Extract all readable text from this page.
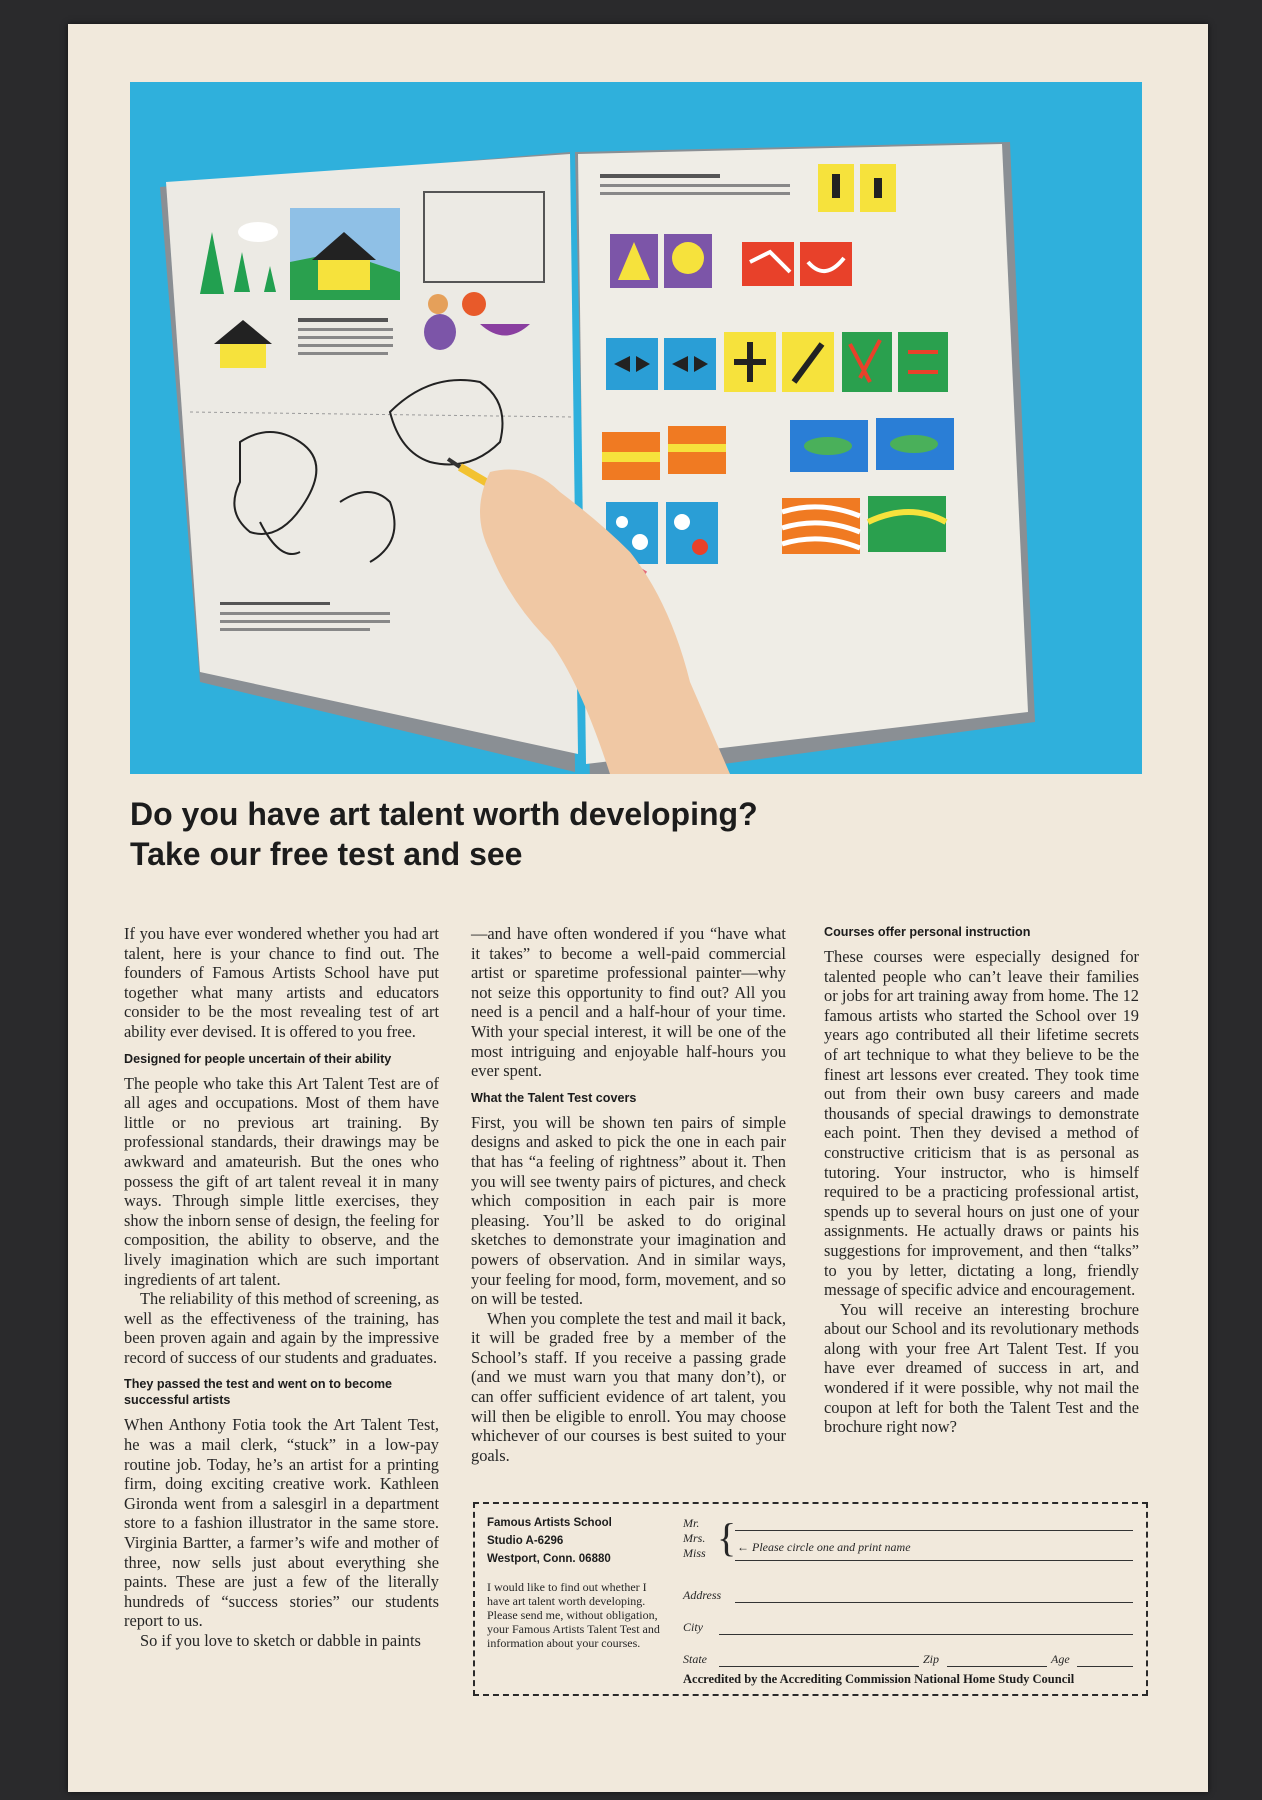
Do you have art talent worth developing?
Take our free test and see

If you have ever wondered whether you had art talent, here is your chance to find out. The founders of Famous Artists School have put together what many artists and educators consider to be the most revealing test of art ability ever devised. It is offered to you free.

Designed for people uncertain of their ability

The people who take this Art Talent Test are of all ages and occupations. Most of them have little or no previous art training. By professional standards, their drawings may be awkward and amateurish. But the ones who possess the gift of art talent reveal it in many ways. Through simple little exercises, they show the inborn sense of design, the feeling for composition, the ability to observe, and the lively imagination which are such important ingredients of art talent.

The reliability of this method of screening, as well as the effectiveness of the training, has been proven again and again by the impressive record of success of our students and graduates.

They passed the test and went on to become successful artists

When Anthony Fotia took the Art Talent Test, he was a mail clerk, “stuck” in a low-pay routine job. Today, he’s an artist for a printing firm, doing exciting creative work. Kathleen Gironda went from a salesgirl in a department store to a fashion illustrator in the same store. Virginia Bartter, a farmer’s wife and mother of three, now sells just about everything she paints. These are just a few of the literally hundreds of “success stories” our students report to us.

So if you love to sketch or dabble in paints

—and have often wondered if you “have what it takes” to become a well-paid commercial artist or sparetime professional painter—why not seize this opportunity to find out? All you need is a pencil and a half-hour of your time. With your special interest, it will be one of the most intriguing and enjoyable half-hours you ever spent.

What the Talent Test covers

First, you will be shown ten pairs of simple designs and asked to pick the one in each pair that has “a feeling of rightness” about it. Then you will see twenty pairs of pictures, and check which composition in each pair is more pleasing. You’ll be asked to do original sketches to demonstrate your imagination and powers of observation. And in similar ways, your feeling for mood, form, movement, and so on will be tested.

When you complete the test and mail it back, it will be graded free by a member of the School’s staff. If you receive a passing grade (and we must warn you that many don’t), or can offer sufficient evidence of art talent, you will then be eligible to enroll. You may choose whichever of our courses is best suited to your goals.

Courses offer personal instruction

These courses were especially designed for talented people who can’t leave their families or jobs for art training away from home. The 12 famous artists who started the School over 19 years ago contributed all their lifetime secrets of art technique to what they believe to be the finest art lessons ever created. They took time out from their own busy careers and made thousands of special drawings to demonstrate each point. Then they devised a method of constructive criticism that is as personal as tutoring. Your instructor, who is himself required to be a practicing professional artist, spends up to several hours on just one of your assignments. He actually draws or paints his suggestions for improvement, and then “talks” to you by letter, dictating a long, friendly message of specific advice and encouragement.

You will receive an interesting brochure about our School and its revolutionary methods along with your free Art Talent Test. If you have ever dreamed of success in art, and wondered if it were possible, why not mail the coupon at left for both the Talent Test and the brochure right now?

Famous Artists School
Studio A-6296
Westport, Conn. 06880
I would like to find out whether I have art talent worth developing. Please send me, without obligation, your Famous Artists Talent Test and information about your courses.
Mr.
Mrs.
Miss { ← Please circle one and print name
Address
City
State	Zip	Age
Accredited by the Accrediting Commission National Home Study Council
